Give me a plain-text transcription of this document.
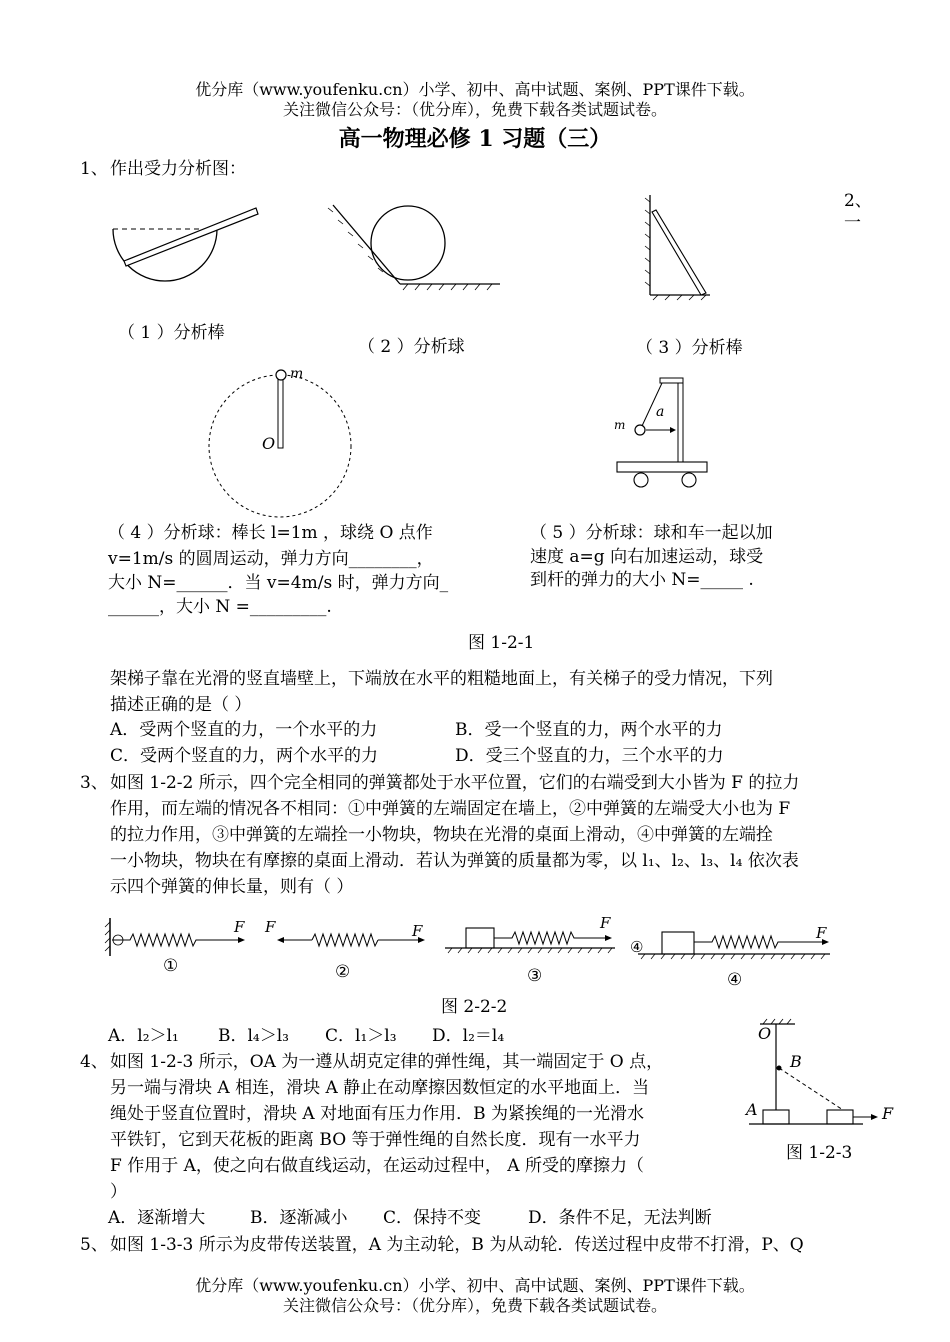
优分库（www.youfenku.cn）小学、初中、高中试题、案例、PPT课件下载。
关注微信公众号：（优分库），免费下载各类试题试卷。
高一物理必修 1 习题（三）
1、 作出受力分析图：
2、
一
（ 1 ）分析棒
（ 2 ）分析球	（ 3 ）分析棒
m
O
m
a
（ 4 ）分析球：棒长 l=1m ，球绕 O 点作
v=1m/s 的圆周运动，弹力方向________，
大小 N=______．当 v=4m/s 时，弹力方向_
______，大小 N =_________.
（ 5 ）分析球：球和车一起以加
速度 a=g 向右加速运动，球受
到杆的弹力的大小 N=_____ .
图 1-2-1
架梯子靠在光滑的竖直墙壁上，下端放在水平的粗糙地面上，有关梯子的受力情况，下列
描述正确的是（ ）
A．受两个竖直的力，一个水平的力	B．受一个竖直的力，两个水平的力
C．受两个竖直的力，两个水平的力	D．受三个竖直的力，三个水平的力
3、 如图 1-2-2 所示，四个完全相同的弹簧都处于水平位置，它们的右端受到大小皆为 F 的拉力
作用，而左端的情况各不相同：①中弹簧的左端固定在墙上，②中弹簧的左端受大小也为 F
的拉力作用，③中弹簧的左端拴一小物块，物块在光滑的桌面上滑动，④中弹簧的左端拴
一小物块，物块在有摩擦的桌面上滑动．若认为弹簧的质量都为零，以 l₁、l₂、l₃、l₄ 依次表
示四个弹簧的伸长量，则有（ ）
F F	F	F
F
④
①	②	③	④
图 2-2-2
A．l₂＞l₁ B．l₄＞l₃ C．l₁＞l₃ D．l₂＝l₄
4、 如图 1-2-3 所示，OA 为一遵从胡克定律的弹性绳，其一端固定于 O 点，
另一端与滑块 A 相连，滑块 A 静止在动摩擦因数恒定的水平地面上．当
绳处于竖直位置时，滑块 A 对地面有压力作用．B 为紧挨绳的一光滑水
平铁钉，它到天花板的距离 BO 等于弹性绳的自然长度．现有一水平力
F 作用于 A，使之向右做直线运动，在运动过程中， A 所受的摩擦力（
）
O
B
A	F
图 1-2-3
A．逐渐增大	B．逐渐减小 C．保持不变	D．条件不足，无法判断
5、 如图 1-3-3 所示为皮带传送装置，A 为主动轮，B 为从动轮．传送过程中皮带不打滑，P、Q
优分库（www.youfenku.cn）小学、初中、高中试题、案例、PPT课件下载。
关注微信公众号：（优分库），免费下载各类试题试卷。
